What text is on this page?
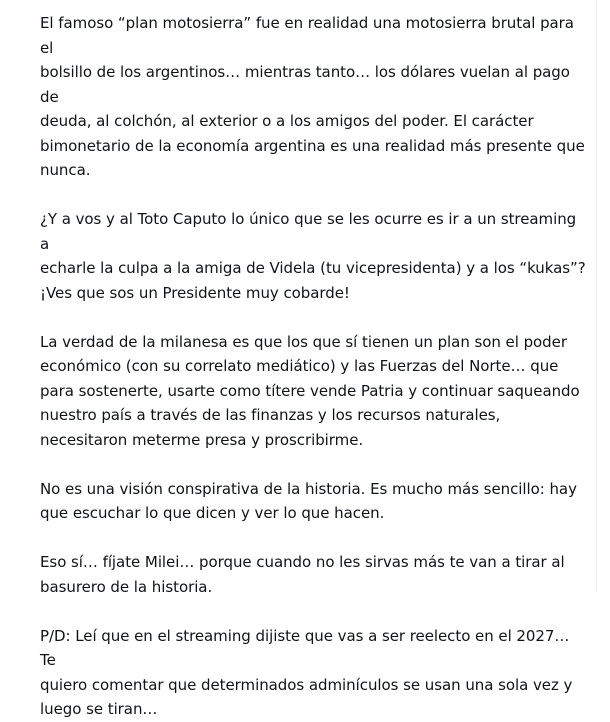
El famoso “plan motosierra” fue en realidad una motosierra brutal para el
bolsillo de los argentinos… mientras tanto… los dólares vuelan al pago de
deuda, al colchón, al exterior o a los amigos del poder. El carácter
bimonetario de la economía argentina es una realidad más presente que
nunca.

¿Y a vos y al Toto Caputo lo único que se les ocurre es ir a un streaming a
echarle la culpa a la amiga de Videla (tu vicepresidenta) y a los “kukas”?
¡Ves que sos un Presidente muy cobarde!

La verdad de la milanesa es que los que sí tienen un plan son el poder
económico (con su correlato mediático) y las Fuerzas del Norte… que
para sostenerte, usarte como títere vende Patria y continuar saqueando
nuestro país a través de las finanzas y los recursos naturales,
necesitaron meterme presa y proscribirme.

No es una visión conspirativa de la historia. Es mucho más sencillo: hay
que escuchar lo que dicen y ver lo que hacen.

Eso sí… fíjate Milei… porque cuando no les sirvas más te van a tirar al
basurero de la historia.

P/D: Leí que en el streaming dijiste que vas a ser reelecto en el 2027… Te
quiero comentar que determinados adminículos se usan una sola vez y
luego se tiran…
